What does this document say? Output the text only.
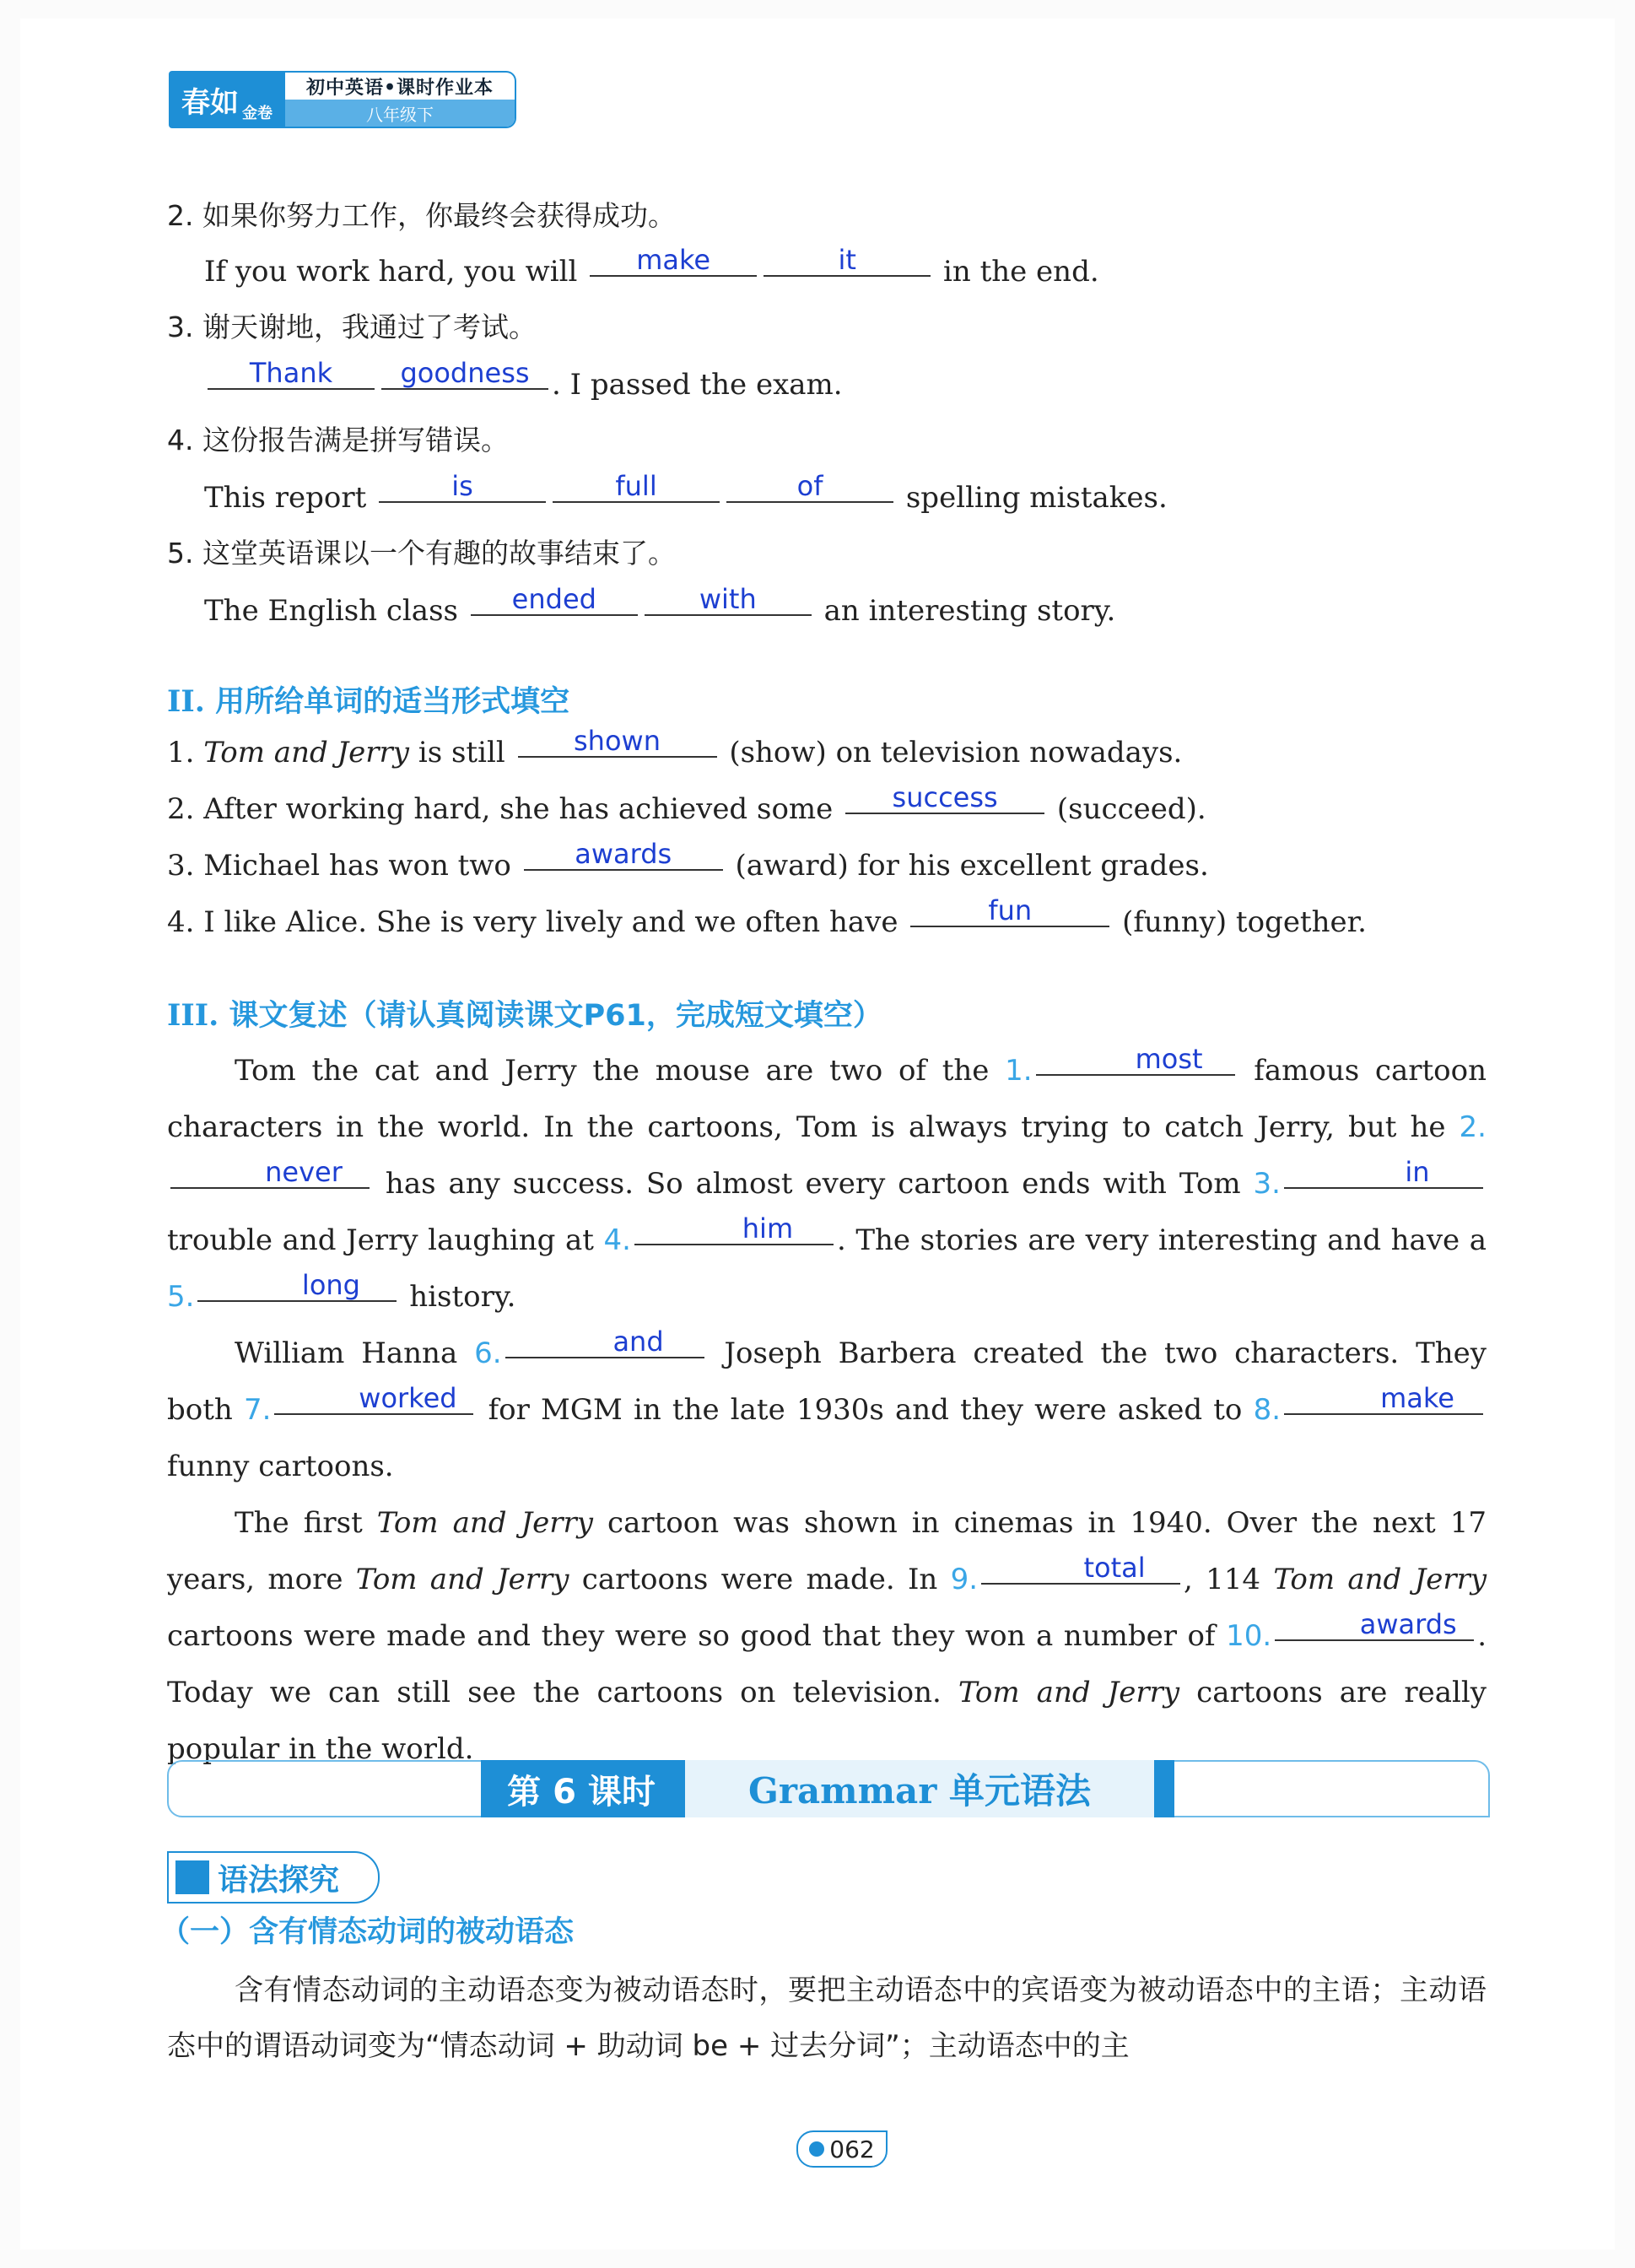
春如 金卷
初中英语•课时作业本
八年级下
2. 如果你努力工作，你最终会获得成功。
If you work hard, you will make	it	in the end.
3. 谢天谢地，我通过了考试。
Thank	goodness . I passed the exam.
4. 这份报告满是拼写错误。
This report	is	full	of	spelling mistakes.
5. 这堂英语课以一个有趣的故事结束了。
The English class ended	with an interesting story.
II. 用所给单词的适当形式填空
1. Tom and Jerry is still	shown (show) on television nowadays.
2. After working hard, she has achieved some success (succeed).
3. Michael has won two awards (award) for his excellent grades.
4. I like Alice. She is very lively and we often have	fun	(funny) together.
III. 课文复述（请认真阅读课文P61，完成短文填空）

Tom the cat and Jerry the mouse are two of the 1.	most famous cartoon characters in the world. In the cartoons, Tom is always trying to catch Jerry, but he 2.never has any success. So almost every cartoon ends with Tom 3.	in trouble and Jerry laughing at 4.	him . The stories are very interesting and have a 5.	long history.

William Hanna 6.	and Joseph Barbera created the two characters. They both 7.	worked for MGM in the late 1930s and they were asked to 8.	make funny cartoons.

The first Tom and Jerry cartoon was shown in cinemas in 1940. Over the next 17 years, more Tom and Jerry cartoons were made. In 9.	total , 114 Tom and Jerry cartoons were made and they were so good that they won a number of 10.	awards . Today we can still see the cartoons on television. Tom and Jerry cartoons are really popular in the world.

第 6 课时	Grammar 单元语法
语法探究
（一）含有情态动词的被动语态
含有情态动词的主动语态变为被动语态时，要把主动语态中的宾语变为被动语态中的主语；主动语态中的谓语动词变为“情态动词 + 助动词 be + 过去分词”；主动语态中的主
062
